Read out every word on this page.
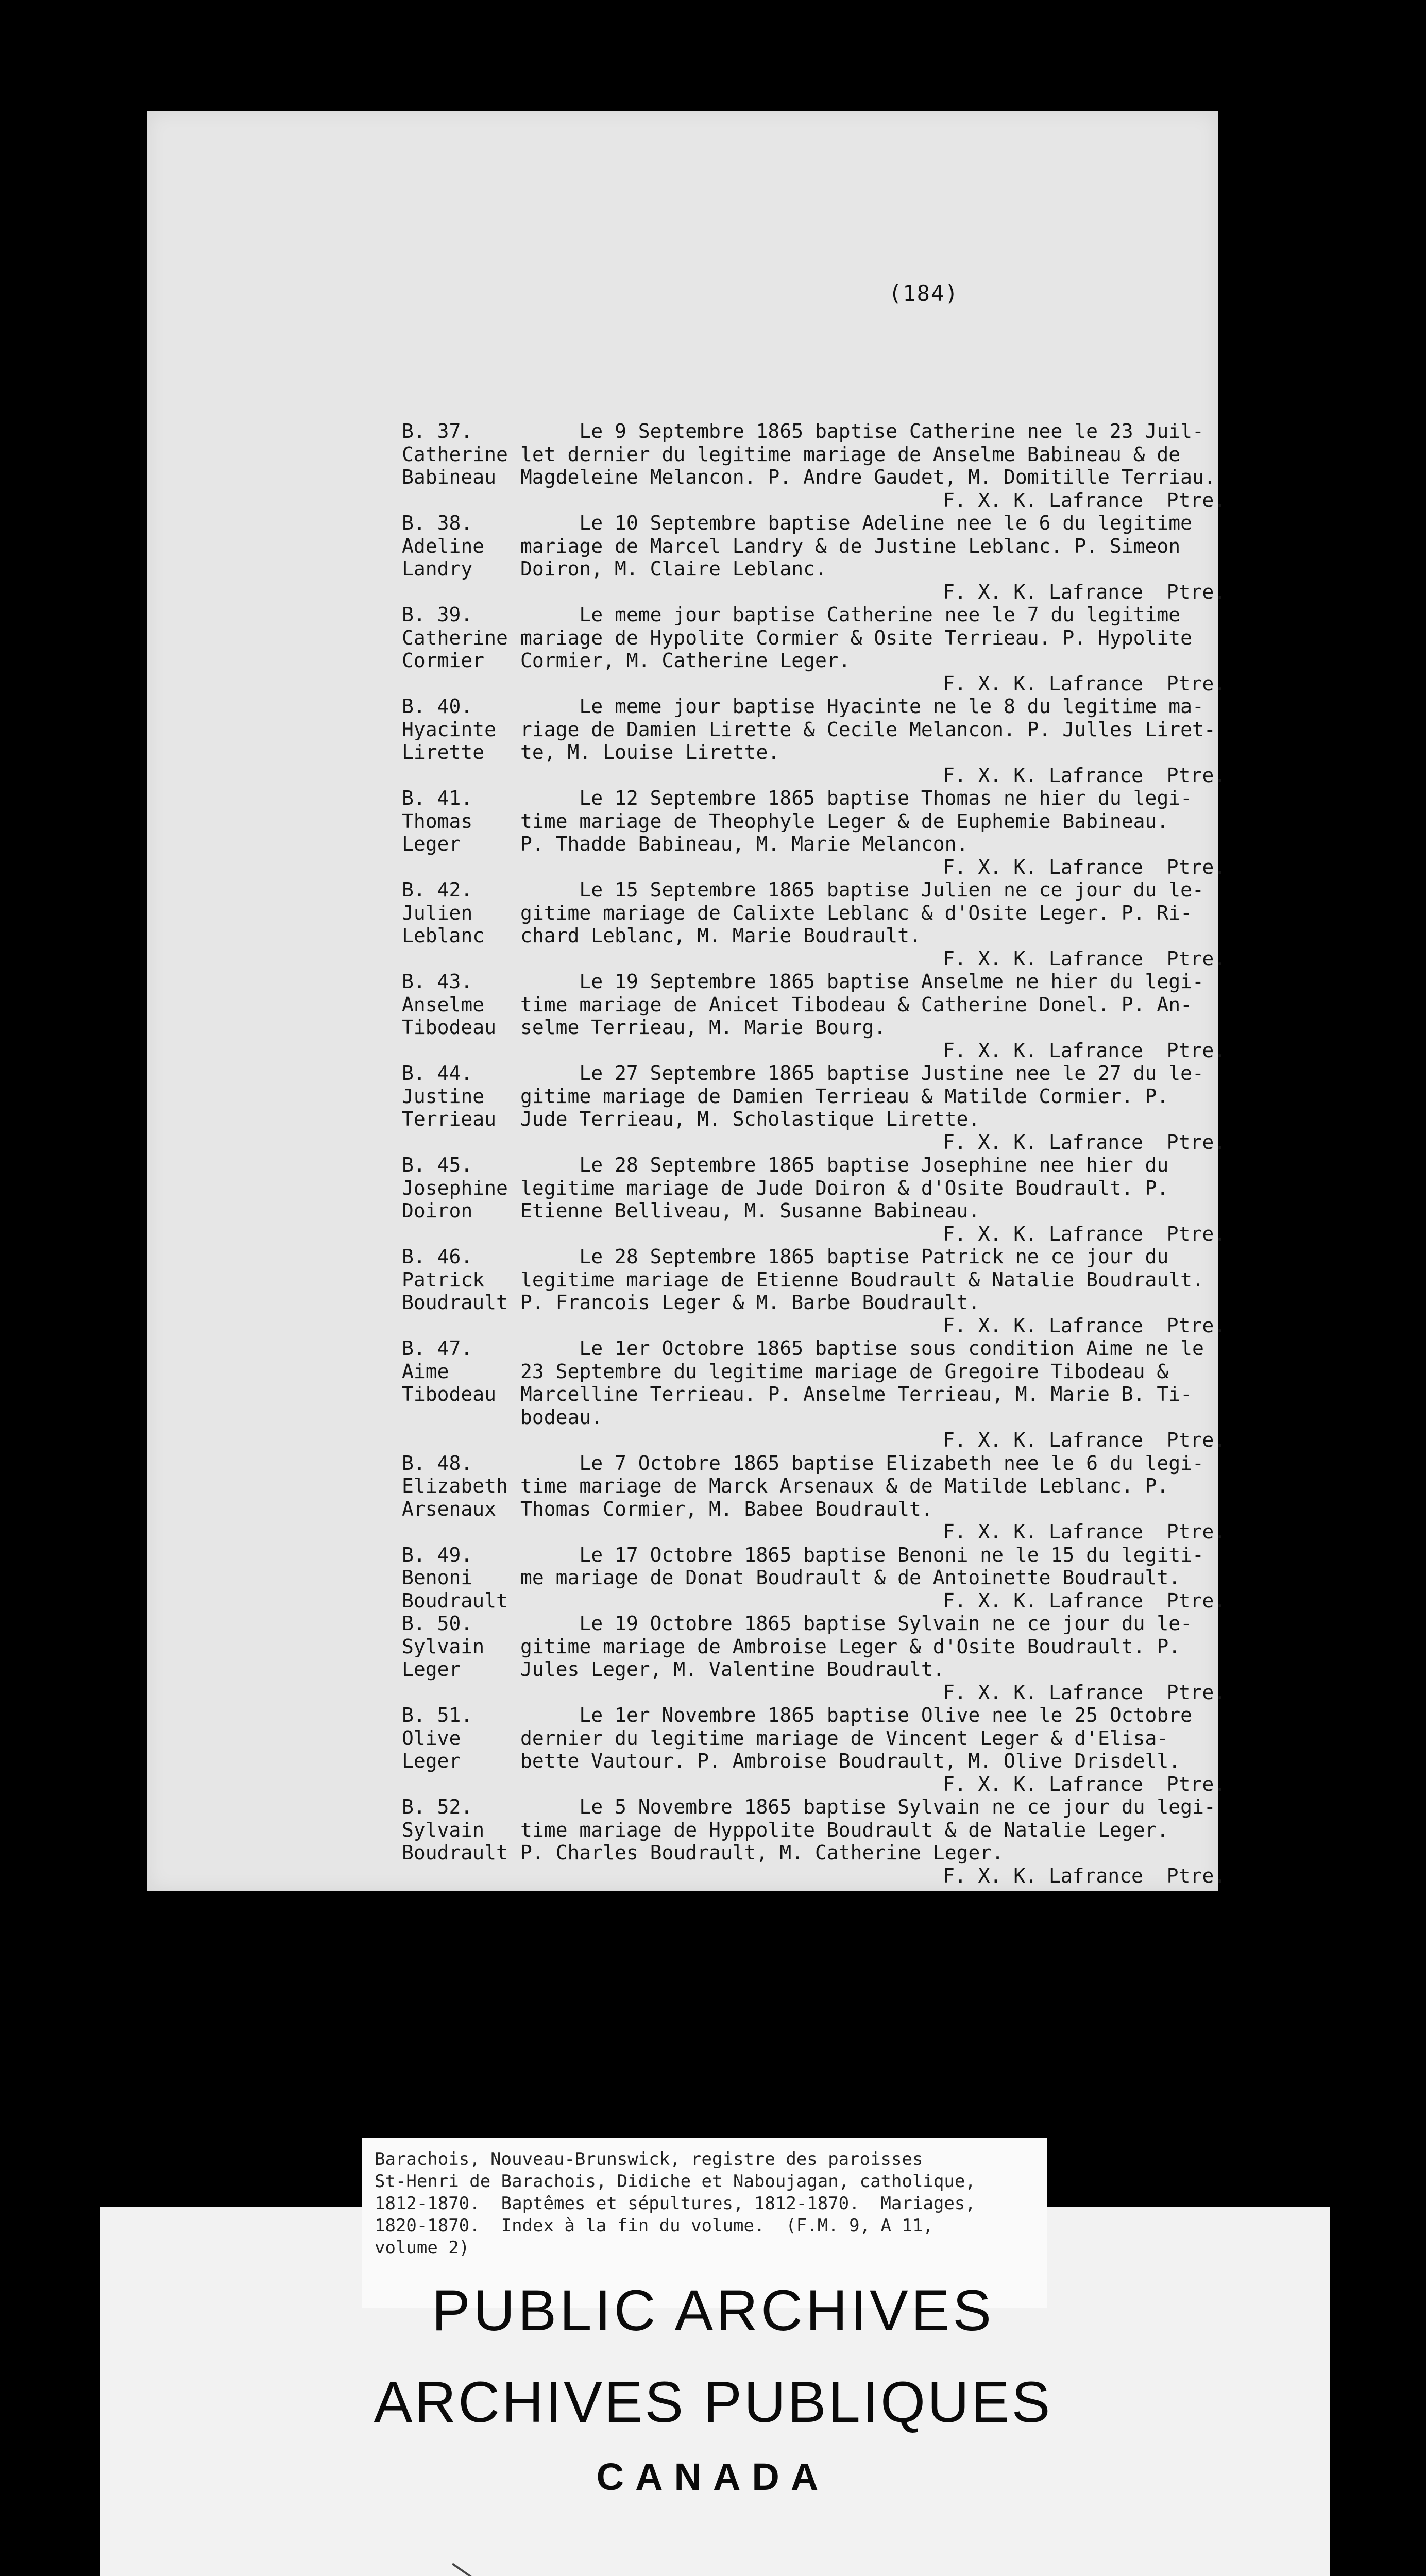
(184)
B. 37.
Catherine
Babineau
Le 9 Septembre 1865 baptise Catherine nee le 23 Juil-
let dernier du legitime mariage de Anselme Babineau & de
Magdeleine Melancon. P. Andre Gaudet, M. Domitille Terriau.
F. X. K. Lafrance  Ptre.
B. 38.
Adeline
Landry
Le 10 Septembre baptise Adeline nee le 6 du legitime
mariage de Marcel Landry & de Justine Leblanc. P. Simeon
Doiron, M. Claire Leblanc.
F. X. K. Lafrance  Ptre.
B. 39.
Catherine
Cormier
Le meme jour baptise Catherine nee le 7 du legitime
mariage de Hypolite Cormier & Osite Terrieau. P. Hypolite
Cormier, M. Catherine Leger.
F. X. K. Lafrance  Ptre.
B. 40.
Hyacinte
Lirette
Le meme jour baptise Hyacinte ne le 8 du legitime ma-
riage de Damien Lirette & Cecile Melancon. P. Julles Liret-
te, M. Louise Lirette.
F. X. K. Lafrance  Ptre.
B. 41.
Thomas
Leger
Le 12 Septembre 1865 baptise Thomas ne hier du legi-
time mariage de Theophyle Leger & de Euphemie Babineau.
P. Thadde Babineau, M. Marie Melancon.
F. X. K. Lafrance  Ptre.
B. 42.
Julien
Leblanc
Le 15 Septembre 1865 baptise Julien ne ce jour du le-
gitime mariage de Calixte Leblanc & d'Osite Leger. P. Ri-
chard Leblanc, M. Marie Boudrault.
F. X. K. Lafrance  Ptre.
B. 43.
Anselme
Tibodeau
Le 19 Septembre 1865 baptise Anselme ne hier du legi-
time mariage de Anicet Tibodeau & Catherine Donel. P. An-
selme Terrieau, M. Marie Bourg.
F. X. K. Lafrance  Ptre.
B. 44.
Justine
Terrieau
Le 27 Septembre 1865 baptise Justine nee le 27 du le-
gitime mariage de Damien Terrieau & Matilde Cormier. P.
Jude Terrieau, M. Scholastique Lirette.
F. X. K. Lafrance  Ptre.
B. 45.
Josephine
Doiron
Le 28 Septembre 1865 baptise Josephine nee hier du
legitime mariage de Jude Doiron & d'Osite Boudrault. P.
Etienne Belliveau, M. Susanne Babineau.
F. X. K. Lafrance  Ptre.
B. 46.
Patrick
Boudrault
Le 28 Septembre 1865 baptise Patrick ne ce jour du
legitime mariage de Etienne Boudrault & Natalie Boudrault.
P. Francois Leger & M. Barbe Boudrault.
F. X. K. Lafrance  Ptre.
B. 47.
Aime
Tibodeau
Le 1er Octobre 1865 baptise sous condition Aime ne le
23 Septembre du legitime mariage de Gregoire Tibodeau &
Marcelline Terrieau. P. Anselme Terrieau, M. Marie B. Ti-
bodeau.
F. X. K. Lafrance  Ptre.
B. 48.
Elizabeth
Arsenaux
Le 7 Octobre 1865 baptise Elizabeth nee le 6 du legi-
time mariage de Marck Arsenaux & de Matilde Leblanc. P.
Thomas Cormier, M. Babee Boudrault.
F. X. K. Lafrance  Ptre.
B. 49.
Benoni
Boudrault
Le 17 Octobre 1865 baptise Benoni ne le 15 du legiti-
me mariage de Donat Boudrault & de Antoinette Boudrault.
F. X. K. Lafrance  Ptre.
B. 50.
Sylvain
Leger
Le 19 Octobre 1865 baptise Sylvain ne ce jour du le-
gitime mariage de Ambroise Leger & d'Osite Boudrault. P.
Jules Leger, M. Valentine Boudrault.
F. X. K. Lafrance  Ptre.
B. 51.
Olive
Leger
Le 1er Novembre 1865 baptise Olive nee le 25 Octobre
dernier du legitime mariage de Vincent Leger & d'Elisa-
bette Vautour. P. Ambroise Boudrault, M. Olive Drisdell.
F. X. K. Lafrance  Ptre.
B. 52.
Sylvain
Boudrault
Le 5 Novembre 1865 baptise Sylvain ne ce jour du legi-
time mariage de Hyppolite Boudrault & de Natalie Leger.
P. Charles Boudrault, M. Catherine Leger.
F. X. K. Lafrance  Ptre.
Barachois, Nouveau-Brunswick, registre des paroisses
St-Henri de Barachois, Didiche et Naboujagan, catholique,
1812-1870.  Baptêmes et sépultures, 1812-1870.  Mariages,
1820-1870.  Index à la fin du volume.  (F.M. 9, A 11,
volume 2)
PUBLIC ARCHIVES
ARCHIVES PUBLIQUES
CANADA
